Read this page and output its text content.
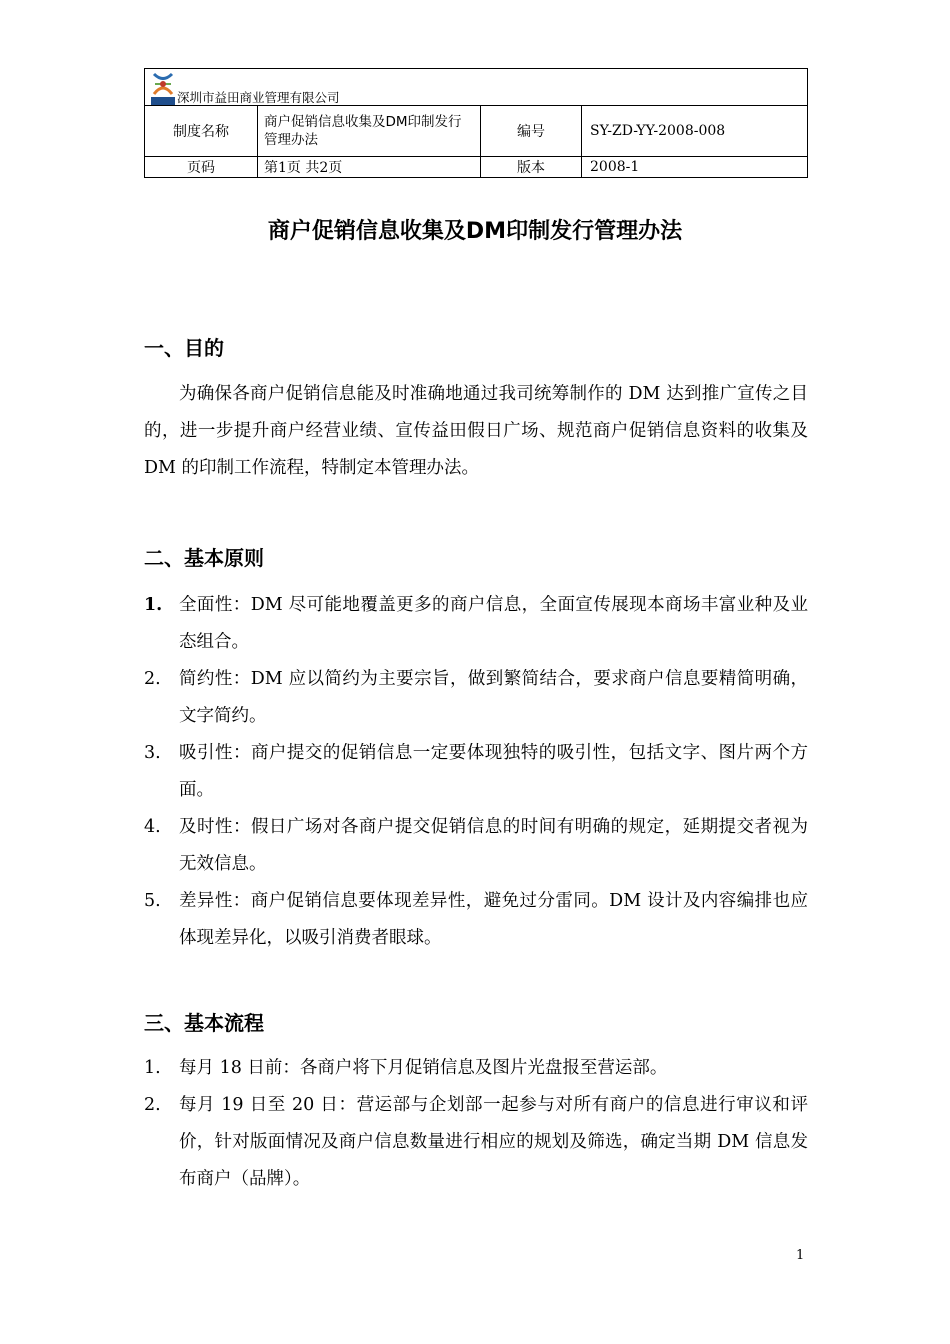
深圳市益田商业管理有限公司			

制度名称	商户促销信息收集及DM印制发行管理办法	编号	SY-ZD-YY-2008-008
页码	第1页 共2页	版本	2008-1
商户促销信息收集及DM印制发行管理办法
一、目的
为确保各商户促销信息能及时准确地通过我司统筹制作的 DM 达到推广宣传之目的，进一步提升商户经营业绩、宣传益田假日广场、规范商户促销信息资料的收集及 DM 的印制工作流程，特制定本管理办法。
二、基本原则
1. 全面性：DM 尽可能地覆盖更多的商户信息，全面宣传展现本商场丰富业种及业态组合。
2. 简约性：DM 应以简约为主要宗旨，做到繁简结合，要求商户信息要精简明确，文字简约。
3. 吸引性：商户提交的促销信息一定要体现独特的吸引性，包括文字、图片两个方面。
4. 及时性：假日广场对各商户提交促销信息的时间有明确的规定，延期提交者视为无效信息。
5. 差异性：商户促销信息要体现差异性，避免过分雷同。DM 设计及内容编排也应体现差异化，以吸引消费者眼球。
三、基本流程
1. 每月 18 日前：各商户将下月促销信息及图片光盘报至营运部。
2. 每月 19 日至 20 日：营运部与企划部一起参与对所有商户的信息进行审议和评价，针对版面情况及商户信息数量进行相应的规划及筛选，确定当期 DM 信息发布商户（品牌）。
1
